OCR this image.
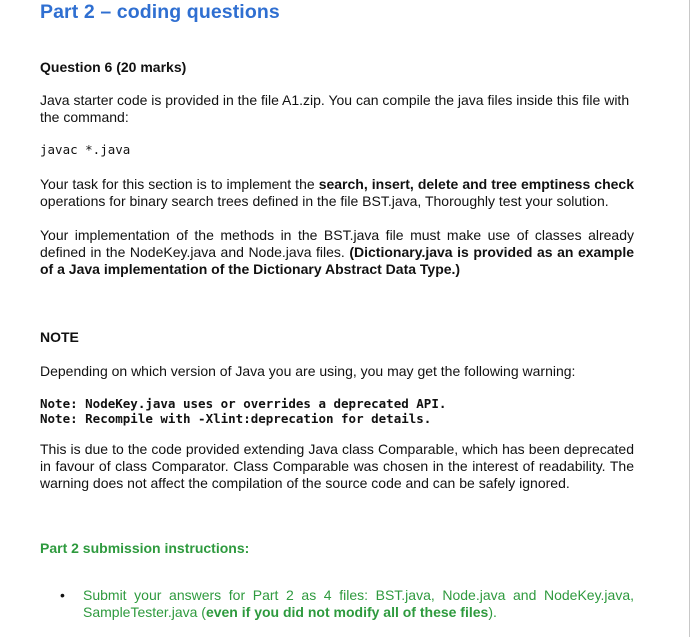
Part 2 – coding questions
Question 6 (20 marks)
Java starter code is provided in the file A1.zip. You can compile the java files inside this file with the command:
javac *.java
Your task for this section is to implement the search, insert, delete and tree emptiness check operations for binary search trees defined in the file BST.java, Thoroughly test your solution.
Your implementation of the methods in the BST.java file must make use of classes already defined in the NodeKey.java and Node.java files. (Dictionary.java is provided as an example of a Java implementation of the Dictionary Abstract Data Type.)
NOTE
Depending on which version of Java you are using, you may get the following warning:
Note: NodeKey.java uses or overrides a deprecated API.
Note: Recompile with -Xlint:deprecation for details.
This is due to the code provided extending Java class Comparable, which has been deprecated in favour of class Comparator. Class Comparable was chosen in the interest of readability. The warning does not affect the compilation of the source code and can be safely ignored.
Part 2 submission instructions:
• Submit your answers for Part 2 as 4 files: BST.java, Node.java and NodeKey.java, SampleTester.java (even if you did not modify all of these files).
